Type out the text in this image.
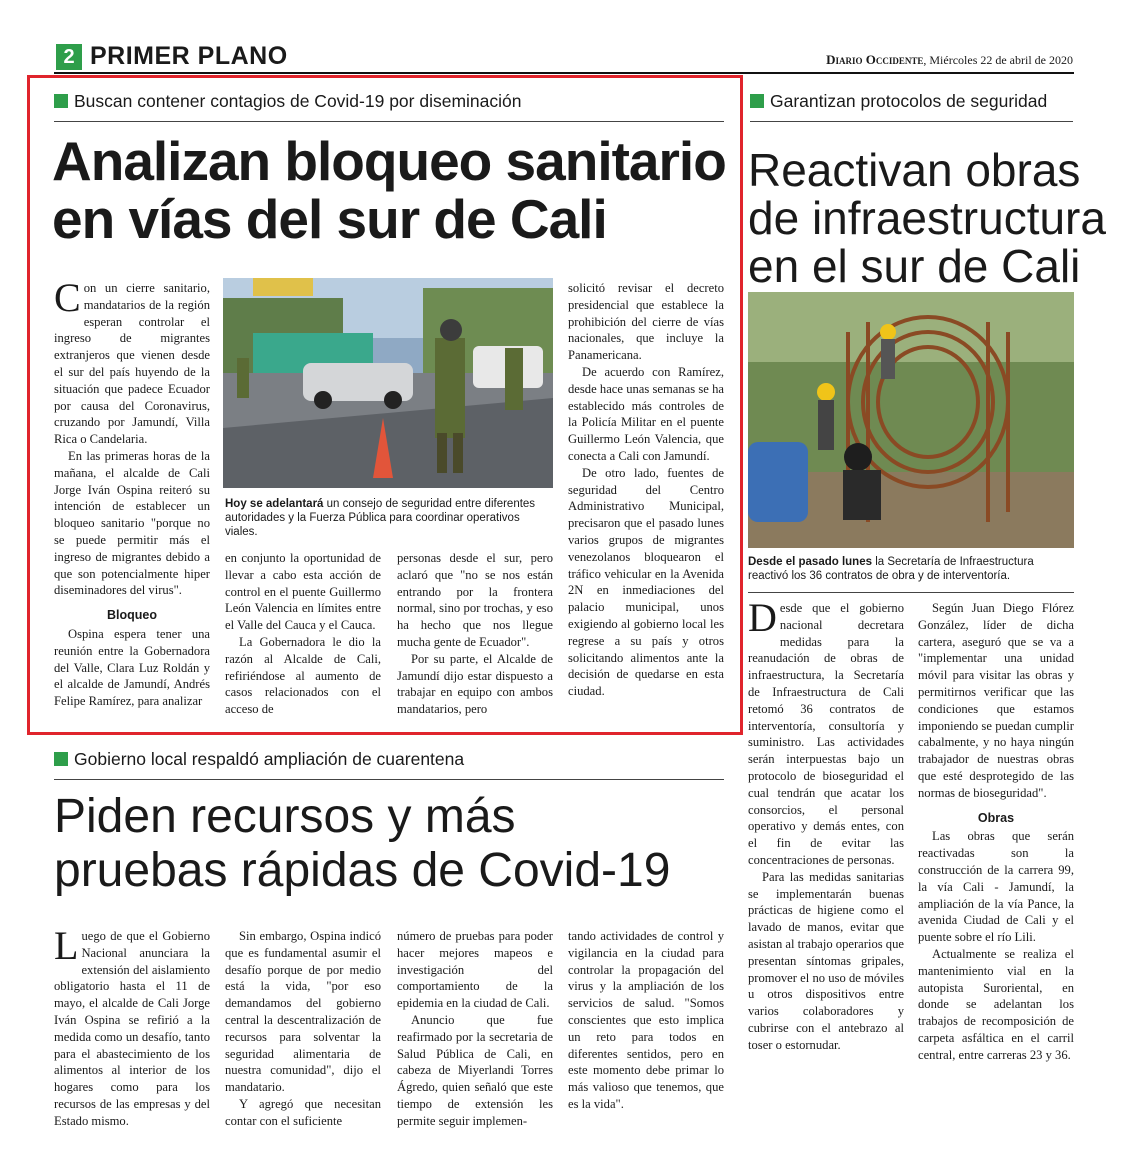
2 PRIMER PLANO	Diario Occidente, Miércoles 22 de abril de 2020
Buscan contener contagios de Covid-19 por diseminación
Analizan bloqueo sanitario
en vías del sur de Cali

Con un cierre sanitario, mandatarios de la región esperan controlar el ingreso de migrantes extranjeros que vienen desde el sur del país huyendo de la situación que padece Ecuador por causa del Coronavirus, cruzando por Jamundí, Villa Rica o Candelaria.

En las primeras horas de la mañana, el alcalde de Cali Jorge Iván Ospina reiteró su intención de establecer un bloqueo sanitario "porque no se puede permitir más el ingreso de migrantes debido a que son potencialmente hiper diseminadores del virus".

Bloqueo

Ospina espera tener una reunión entre la Gobernadora del Valle, Clara Luz Roldán y el alcalde de Jamundí, Andrés Felipe Ramírez, para analizar

Hoy se adelantará un consejo de seguridad entre diferentes autoridades y la Fuerza Pública para coordinar operativos viales.

en conjunto la oportunidad de llevar a cabo esta acción de control en el puente Guillermo León Valencia en límites entre el Valle del Cauca y el Cauca.

La Gobernadora le dio la razón al Alcalde de Cali, refiriéndose al aumento de casos relacionados con el acceso de

personas desde el sur, pero aclaró que "no se nos están entrando por la frontera normal, sino por trochas, y eso ha hecho que nos llegue mucha gente de Ecuador".

Por su parte, el Alcalde de Jamundí dijo estar dispuesto a trabajar en equipo con ambos mandatarios, pero

solicitó revisar el decreto presidencial que establece la prohibición del cierre de vías nacionales, que incluye la Panamericana.

De acuerdo con Ramírez, desde hace unas semanas se ha establecido más controles de la Policía Militar en el puente Guillermo León Valencia, que conecta a Cali con Jamundí.

De otro lado, fuentes de seguridad del Centro Administrativo Municipal, precisaron que el pasado lunes varios grupos de migrantes venezolanos bloquearon el tráfico vehicular en la Avenida 2N en inmediaciones del palacio municipal, unos exigiendo al gobierno local les regrese a su país y otros solicitando alimentos ante la decisión de quedarse en esta ciudad.

Garantizan protocolos de seguridad
Reactivan obras
de infraestructura
en el sur de Cali
Desde el pasado lunes la Secretaría de Infraestructura reactivó los 36 contratos de obra y de interventoría.

Desde que el gobierno nacional decretara medidas para la reanudación de obras de infraestructura, la Secretaría de Infraestructura de Cali retomó 36 contratos de interventoría, consultoría y suministro. Las actividades serán interpuestas bajo un protocolo de bioseguridad el cual tendrán que acatar los consorcios, el personal operativo y demás entes, con el fin de evitar las concentraciones de personas.

Para las medidas sanitarias se implementarán buenas prácticas de higiene como el lavado de manos, evitar que asistan al trabajo operarios que presentan síntomas gripales, promover el no uso de móviles u otros dispositivos entre varios colaboradores y cubrirse con el antebrazo al toser o estornudar.

Según Juan Diego Flórez González, líder de dicha cartera, aseguró que se va a "implementar una unidad móvil para visitar las obras y permitirnos verificar que las condiciones que estamos imponiendo se puedan cumplir cabalmente, y no haya ningún trabajador de nuestras obras que esté desprotegido de las normas de bioseguridad".

Obras

Las obras que serán reactivadas son la construcción de la carrera 99, la vía Cali - Jamundí, la ampliación de la vía Pance, la avenida Ciudad de Cali y el puente sobre el río Lili.

Actualmente se realiza el mantenimiento vial en la autopista Suroriental, en donde se adelantan los trabajos de recomposición de carpeta asfáltica en el carril central, entre carreras 23 y 36.

Gobierno local respaldó ampliación de cuarentena
Piden recursos y más
pruebas rápidas de Covid-19

Luego de que el Gobierno Nacional anunciara la extensión del aislamiento obligatorio hasta el 11 de mayo, el alcalde de Cali Jorge Iván Ospina se refirió a la medida como un desafío, tanto para el abastecimiento de los alimentos al interior de los hogares como para los recursos de las empresas y del Estado mismo.

Sin embargo, Ospina indicó que es fundamental asumir el desafío porque de por medio está la vida, "por eso demandamos del gobierno central la descentralización de recursos para solventar la seguridad alimentaria de nuestra comunidad", dijo el mandatario.

Y agregó que necesitan contar con el suficiente

número de pruebas para poder hacer mejores mapeos e investigación del comportamiento de la epidemia en la ciudad de Cali.

Anuncio que fue reafirmado por la secretaria de Salud Pública de Cali, en cabeza de Miyerlandi Torres Ágredo, quien señaló que este tiempo de extensión les permite seguir implemen-

tando actividades de control y vigilancia en la ciudad para controlar la propagación del virus y la ampliación de los servicios de salud. "Somos conscientes que esto implica un reto para todos en diferentes sentidos, pero en este momento debe primar lo más valioso que tenemos, que es la vida".
